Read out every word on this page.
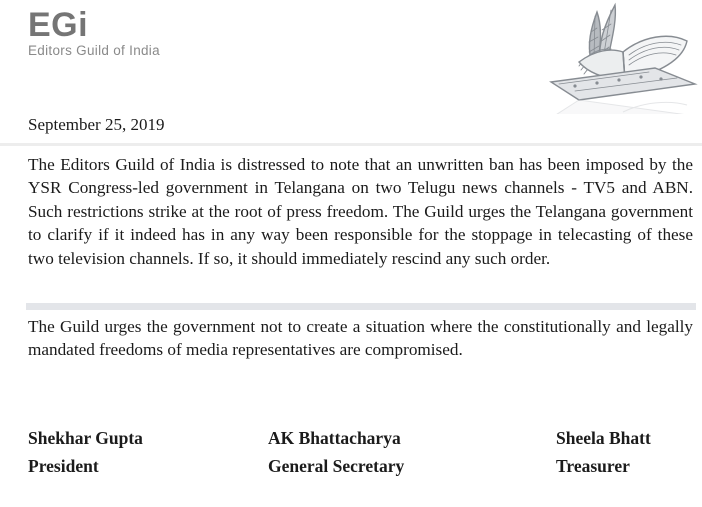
EGi
Editors Guild of India
September 25, 2019
The Editors Guild of India is distressed to note that an unwritten ban has been imposed by the YSR Congress-led government in Telangana on two Telugu news channels - TV5 and ABN. Such restrictions strike at the root of press freedom. The Guild urges the Telangana government to clarify if it indeed has in any way been responsible for the stoppage in telecasting of these two television channels. If so, it should immediately rescind any such order.
The Guild urges the government not to create a situation where the constitutionally and legally mandated freedoms of media representatives are compromised.
Shekhar Gupta
President
AK Bhattacharya
General Secretary
Sheela Bhatt
Treasurer
